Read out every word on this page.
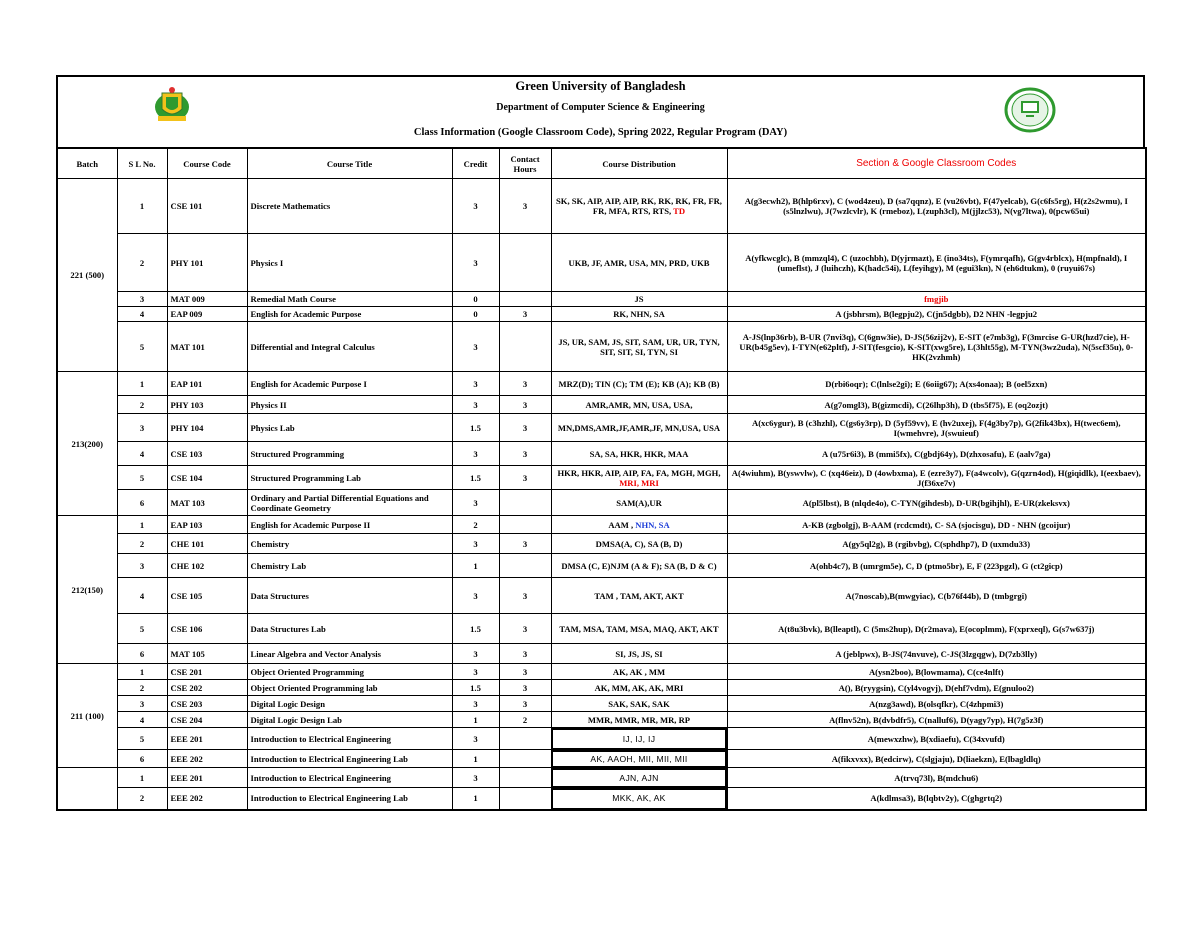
Green University of Bangladesh
Department of Computer Science & Engineering
Class Information (Google Classroom Code), Spring 2022, Regular Program (DAY)
Batch	S L No.	Course Code	Course Title	Credit	Contact Hours	Course Distribution	Section & Google Classroom Codes
221 (500)	1	CSE 101	Discrete Mathematics	3	3	SK, SK, AIP, AIP, AIP, RK, RK, RK, FR, FR, FR, MFA, RTS, RTS, TD	A(g3ecwh2), B(hlp6rxv), C (wod4zeu), D (sa7qqnz), E (vu26vbt), F(47yelcab), G(c6fs5rg), H(z2s2wmu), I (s5lnzlwu), J(7wzlcvlr), K (rmeboz), L(zuph3cl), M(jjlzc53), N(vg7ltwa), 0(pcw65ui)
	2	PHY 101	Physics I	3		UKB, JF, AMR, USA, MN, PRD, UKB	A(yfkwcglc), B (mmzql4), C (uzochbh), D(yjrmazt), E (ino34ts), F(ymrqafh), G(gv4rblcx), H(mpfnald), I (umeflst), J (luihczh), K(hadc54i), L(feyihgy), M (egui3kn), N (eh6dtukm), 0 (ruyui67s)
	3	MAT 009	Remedial Math Course	0		JS	fmgjib
	4	EAP 009	English for Academic Purpose	0	3	RK, NHN, SA	A (jsbhrsm), B(legpju2), C(jn5dgbb), D2 NHN -legpju2
	5	MAT 101	Differential and Integral Calculus	3		JS, UR, SAM, JS, SIT, SAM, UR, UR, TYN, SIT, SIT, SI, TYN, SI	A-JS(lnp36rb), B-UR (7nvi3q), C(6gnw3ie), D-JS(56zij2v), E-SIT (e7mb3g), F(3mrcise G-UR(hzd7cie), H-UR(b45g5ev), I-TYN(e62pltf), J-SIT(fesgcio), K-SIT(xwg5re), L(3hlt55g), M-TYN(3wz2uda), N(5scf35u), 0-HK(2vzhmh)
213(200)	1	EAP 101	English for Academic Purpose I	3	3	MRZ(D); TIN (C); TM (E); KB (A); KB (B)	D(rbi6oqr); C(lnlse2gi); E (6oiig67); A(xs4onaa); B (oel5zxn)
	2	PHY 103	Physics II	3	3	AMR,AMR, MN, USA, USA,	A(g7omgl3), B(gizmcdi), C(26lhp3h), D (tbs5f75), E (oq2ozjt)
	3	PHY 104	Physics Lab	1.5	3	MN,DMS,AMR,JF,AMR,JF, MN,USA, USA	A(xc6ygur), B (c3hzhl), C(gs6y3rp), D (5yf59vv), E (hv2uxej), F(4g3by7p), G(2fik43bx), H(twec6em), I(wmehvre), J(swuieuf)
	4	CSE 103	Structured Programming	3	3	SA, SA, HKR, HKR, MAA	A (u75r6i3), B (mmi5fx), C(gbdj64y), D(zhxosafu), E (aalv7ga)
	5	CSE 104	Structured Programming Lab	1.5	3	HKR, HKR, AIP, AIP, FA, FA, MGH, MGH, MRI, MRI	A(4wiuhm), B(yswvlw), C (xq46eiz), D (4owbxma), E (ezre3y7), F(a4wcolv), G(qzrn4od), H(giqidlk), I(eexbaev), J(f36xe7v)
	6	MAT 103	Ordinary and Partial Differential Equations and Coordinate Geometry	3		SAM(A),UR	A(pl5lbst), B (nlqde4o), C-TYN(gihdesb), D-UR(bgihjhl), E-UR(zkeksvx)
212(150)	1	EAP 103	English for Academic Purpose II	2		AAM , NHN, SA	A-KB (zgbolgj), B-AAM (rcdcmdt), C- SA (sjocisgu), DD - NHN (gcoijur)
	2	CHE 101	Chemistry	3	3	DMSA(A, C), SA (B, D)	A(gy5ql2g), B (rgibvbg), C(sphdhp7), D (uxmdu33)
	3	CHE 102	Chemistry Lab	1		DMSA (C, E)NJM (A & F); SA (B, D & C)	A(ohb4c7), B (umrgm5e), C, D (ptmo5br), E, F (223pgzl), G (ct2gicp)
	4	CSE 105	Data Structures	3	3	TAM , TAM, AKT, AKT	A(7noscab),B(mwgyiac), C(b76f44b), D (tmbgrgi)
	5	CSE 106	Data Structures Lab	1.5	3	TAM, MSA, TAM, MSA, MAQ, AKT, AKT	A(t8u3bvk), B(lleaptl), C (5ms2hup), D(r2mava), E(ocoplmm), F(xprxeql), G(s7w637j)
	6	MAT 105	Linear Algebra and Vector Analysis	3	3	SI, JS, JS, SI	A (jeblpwx), B-JS(74nvuve), C-JS(3lzgqgw), D(7zb3lly)
211 (100)	1	CSE 201	Object Oriented Programming	3	3	AK, AK , MM	A(ysn2boo), B(lowmama), C(ce4nlft)
	2	CSE 202	Object Oriented Programming lab	1.5	3	AK, MM, AK, AK, MRI	A(), B(ryygsin), C(yl4vogvj), D(ehf7vdm), E(gnuloo2)
	3	CSE 203	Digital Logic Design	3	3	SAK, SAK, SAK	A(nzg3awd), B(olsqfkr), C(4zhpmi3)
	4	CSE 204	Digital Logic Design Lab	1	2	MMR, MMR, MR, MR, RP	A(flnv52n), B(dvbdfr5), C(nalluf6), D(yagy7yp), H(7g5z3f)
	5	EEE 201	Introduction to Electrical Engineering	3		IJ, IJ, IJ	A(mewxzhw), B(xdiaefu), C(34xvufd)
	6	EEE 202	Introduction to Electrical Engineering Lab	1		AK, AAOH, MII, MII, MII	A(fikxvxx), B(edcirw), C(slgjaju), D(liaekzn), E(lbagldlq)
	1	EEE 201	Introduction to Electrical Engineering	3		AJN, AJN	A(trvq73l), B(mdchu6)
	2	EEE 202	Introduction to Electrical Engineering Lab	1		MKK, AK, AK	A(kdlmsa3), B(lqbtv2y), C(ghgrtq2)
